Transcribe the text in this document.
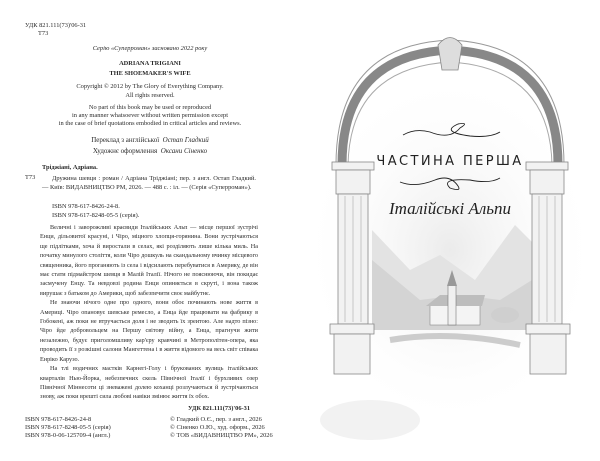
УДК 821.111(73)'06-31
Т73
Серію «Суперроман» засновано 2022 року
ADRIANA TRIGIANI
THE SHOEMAKER'S WIFE
Copyright © 2012 by The Glory of Everything Company.
All rights reserved.
No part of this book may be used or reproduced
in any manner whatsoever without written permission except
in the case of brief quotations embodied in critical articles and reviews.
Переклад з англійської Остап Гладкий
Художнє оформлення Оксани Сіненко
Тріджіані, Адріана.
Т73	Дружина шевця : роман / Адріана Тріджіані; пер. з англ. Остап Гладкий. — Київ: ВИДАВНИЦТВО РМ, 2026. — 488 с. : іл. — (Серія «Суперроман»).
ISBN 978-617-8426-24-8.
ISBN 978-617-8248-05-5 (серія).

Величні і заворожливі краєвиди Італійських Альп — місце першої зустрічі Енци, дільовитої красуні, і Чіро, міцного хлопця-горянина. Вони зустрічаються ще підлітками, хоча й виростали в селах, які розділяють лише кілька миль. На початку минулого століття, коли Чіро дошкуль на скандальному вчинку місцевого священника, його проганяють із села і відсилають перебуватися в Америку, де він має стати підмайстром шевця в Малій Італії. Нічого не пояснюючи, він покидає засмучену Енцу. Та невдовзі родина Енци опиняється в скруті, і вона також вирушає з батьком до Америки, щоб забезпечити своє майбутнє.

Не знаючи нічого одне про одного, вони обоє починають нове життя в Америці. Чіро опановує шевське ремесло, а Енца йде працювати на фабрику в Гобокені, аж поки не втручається доля і не зводить їх зреитою. Але надто пізно: Чіро йде добровольцем на Першу світову війну, а Енца, прагнучи жити незалежно, будує приголомшливу кар'єру кравчині в Метрополітен-опера, яка проводить її з розкішні салони Мангеттена і в життя відомого на весь світ співака Енріко Карузо.

На тлі водичних мастків Карнегі-Голу і брукованих вулиць італійських кварталів Нью-Йорка, небезпечних скель Північної Італії і бурхливих озер Північної Міннесоти ці зневажені долею коханці розлучаються й зустрічаються знову, аж поки врешті сила любові навіки змінює життя їх обох.

УДК 821.111(73)'06-31
ISBN 978-617-8426-24-8
ISBN 978-617-8248-05-5 (серія)
ISBN 978-0-06-125709-4 (англ.)
© Гладкий О.Є., пер. з англ., 2026
© Сіненко О.Ю., худ. оформ., 2026
© ТОВ «ВИДАВНИЦТВО РМ», 2026
ЧАСТИНА ПЕРША
Італійські Альпи
